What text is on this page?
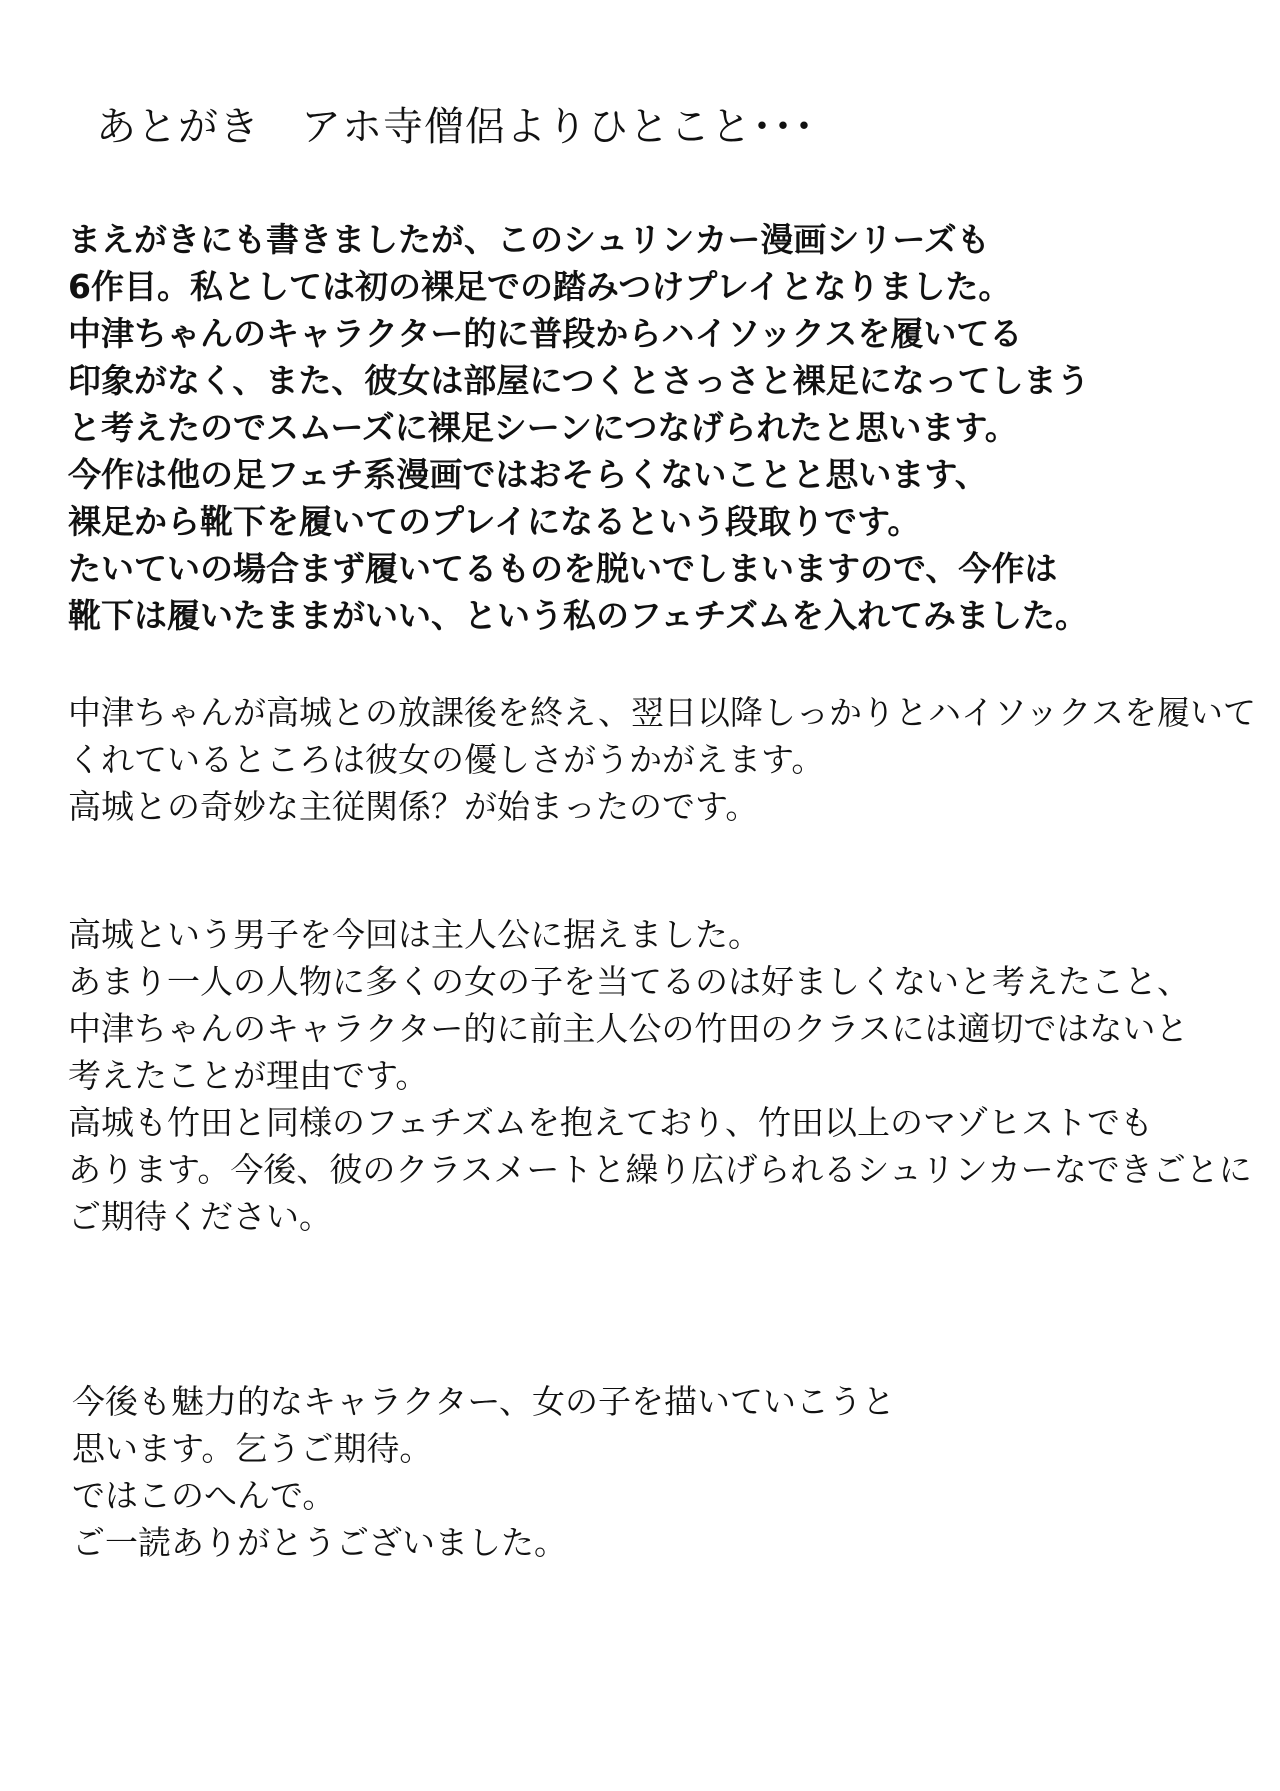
あとがき　アホ寺僧侶よりひとこと･･･
まえがきにも書きましたが、このシュリンカー漫画シリーズも
6作目。私としては初の裸足での踏みつけプレイとなりました。
中津ちゃんのキャラクター的に普段からハイソックスを履いてる
印象がなく、また、彼女は部屋につくとさっさと裸足になってしまう
と考えたのでスムーズに裸足シーンにつなげられたと思います。
今作は他の足フェチ系漫画ではおそらくないことと思います、
裸足から靴下を履いてのプレイになるという段取りです。
たいていの場合まず履いてるものを脱いでしまいますので、今作は
靴下は履いたままがいい、という私のフェチズムを入れてみました。
中津ちゃんが高城との放課後を終え、翌日以降しっかりとハイソックスを履いて
くれているところは彼女の優しさがうかがえます。
高城との奇妙な主従関係？が始まったのです。
高城という男子を今回は主人公に据えました。
あまり一人の人物に多くの女の子を当てるのは好ましくないと考えたこと、
中津ちゃんのキャラクター的に前主人公の竹田のクラスには適切ではないと
考えたことが理由です。
高城も竹田と同様のフェチズムを抱えており、竹田以上のマゾヒストでも
あります。今後、彼のクラスメートと繰り広げられるシュリンカーなできごとに
ご期待ください。
今後も魅力的なキャラクター、女の子を描いていこうと
思います。乞うご期待。
ではこのへんで。
ご一読ありがとうございました。
